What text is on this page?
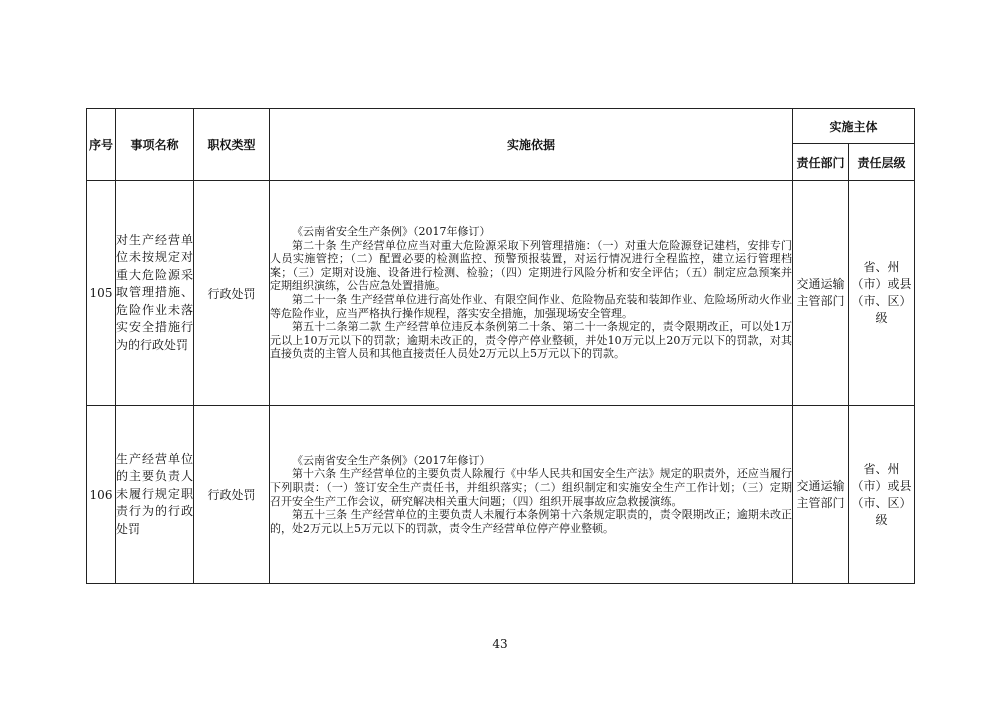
序号	事项名称	职权类型	实施依据	实施主体	
				责任部门	责任层级
105	对生产经营单位未按规定对重大危险源采取管理措施、危险作业未落实安全措施行为的行政处罚	行政处罚	《云南省安全生产条例》（2017年修订）

第二十条 生产经营单位应当对重大危险源采取下列管理措施：（一）对重大危险源登记建档，安排专门人员实施管控；（二）配置必要的检测监控、预警预报装置，对运行情况进行全程监控，建立运行管理档案；（三）定期对设施、设备进行检测、检验；（四）定期进行风险分析和安全评估；（五）制定应急预案并定期组织演练，公告应急处置措施。

第二十一条 生产经营单位进行高处作业、有限空间作业、危险物品充装和装卸作业、危险场所动火作业等危险作业，应当严格执行操作规程，落实安全措施，加强现场安全管理。

第五十二条第二款 生产经营单位违反本条例第二十条、第二十一条规定的，责令限期改正，可以处1万元以上10万元以下的罚款；逾期未改正的，责令停产停业整顿，并处10万元以上20万元以下的罚款，对其直接负责的主管人员和其他直接责任人员处2万元以上5万元以下的罚款。	交通运输主管部门	省、州（市）或县（市、区）级
106	生产经营单位的主要负责人未履行规定职责行为的行政处罚	行政处罚	《云南省安全生产条例》（2017年修订）

第十六条 生产经营单位的主要负责人除履行《中华人民共和国安全生产法》规定的职责外，还应当履行下列职责：（一）签订安全生产责任书，并组织落实；（二）组织制定和实施安全生产工作计划；（三）定期召开安全生产工作会议，研究解决相关重大问题；（四）组织开展事故应急救援演练。

第五十三条 生产经营单位的主要负责人未履行本条例第十六条规定职责的，责令限期改正；逾期未改正的，处2万元以上5万元以下的罚款，责令生产经营单位停产停业整顿。	交通运输主管部门	省、州（市）或县（市、区）级
43
